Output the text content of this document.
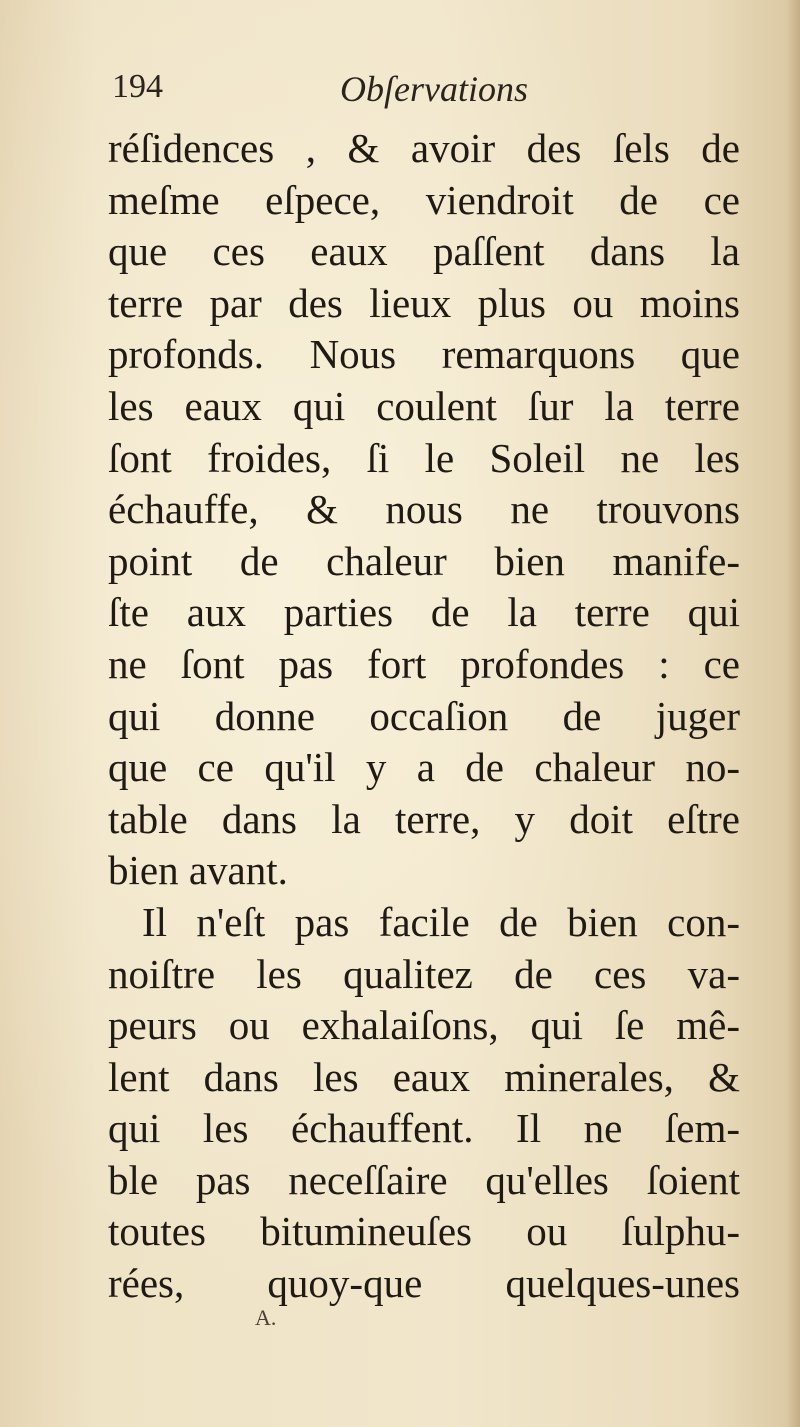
194	Obſervations
réſidences , & avoir des ſels de
meſme eſpece, viendroit de ce
que ces eaux paſſent dans la
terre par des lieux plus ou moins
profonds. Nous remarquons que
les eaux qui coulent ſur la terre
ſont froides, ſi le Soleil ne les
échauffe, & nous ne trouvons
point de chaleur bien manife-
ſte aux parties de la terre qui
ne ſont pas fort profondes : ce
qui donne occaſion de juger
que ce qu'il y a de chaleur no-
table dans la terre, y doit eſtre
bien avant.
Il n'eſt pas facile de bien con-
noiſtre les qualitez de ces va-
peurs ou exhalaiſons, qui ſe mê-
lent dans les eaux minerales, &
qui les échauffent. Il ne ſem-
ble pas neceſſaire qu'elles ſoient
toutes bitumineuſes ou ſulphu-
rées, quoy-que quelques-unes
A.
